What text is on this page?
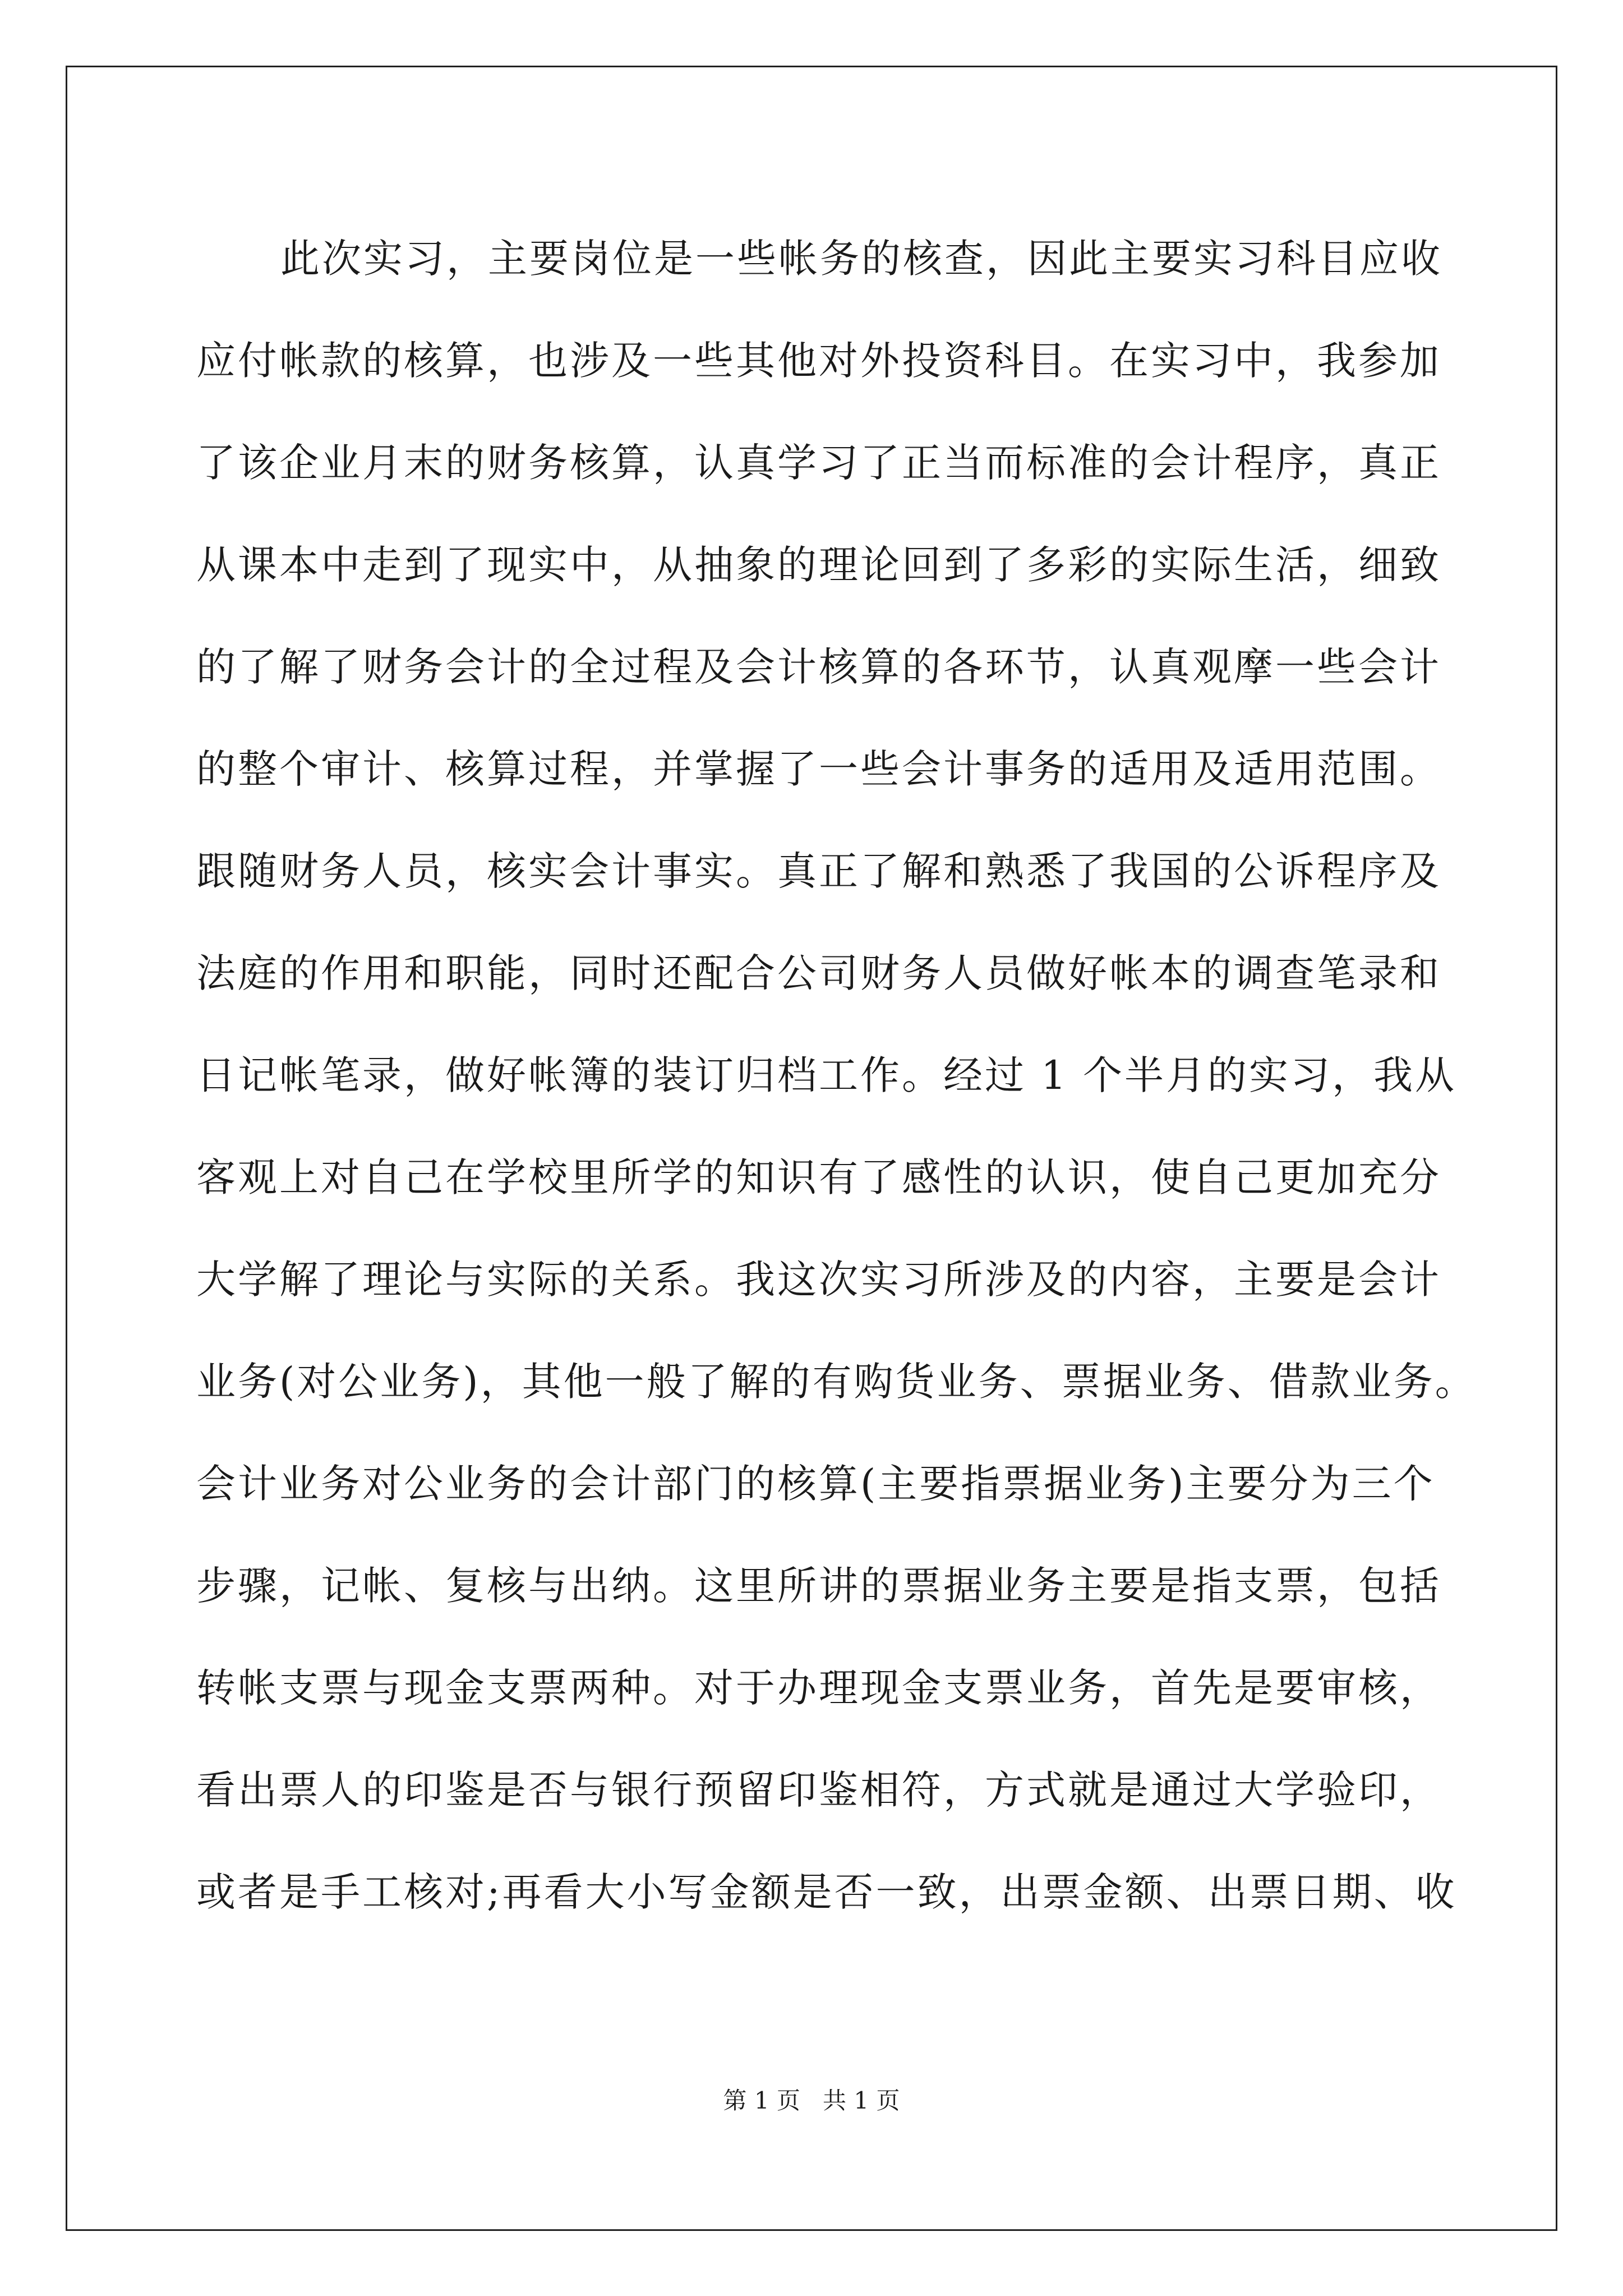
此次实习，主要岗位是一些帐务的核查，因此主要实习科目应收
应付帐款的核算，也涉及一些其他对外投资科目。在实习中，我参加
了该企业月末的财务核算，认真学习了正当而标准的会计程序，真正
从课本中走到了现实中，从抽象的理论回到了多彩的实际生活，细致
的了解了财务会计的全过程及会计核算的各环节，认真观摩一些会计
的整个审计、核算过程，并掌握了一些会计事务的适用及适用范围。
跟随财务人员，核实会计事实。真正了解和熟悉了我国的公诉程序及
法庭的作用和职能，同时还配合公司财务人员做好帐本的调查笔录和
日记帐笔录，做好帐簿的装订归档工作。经过 1 个半月的实习，我从
客观上对自己在学校里所学的知识有了感性的认识，使自己更加充分
大学解了理论与实际的关系。我这次实习所涉及的内容，主要是会计
业务(对公业务)，其他一般了解的有购货业务、票据业务、借款业务。
会计业务对公业务的会计部门的核算(主要指票据业务)主要分为三个
步骤，记帐、复核与出纳。这里所讲的票据业务主要是指支票，包括
转帐支票与现金支票两种。对于办理现金支票业务，首先是要审核，
看出票人的印鉴是否与银行预留印鉴相符，方式就是通过大学验印，
或者是手工核对;再看大小写金额是否一致，出票金额、出票日期、收
第 1 页   共 1 页
